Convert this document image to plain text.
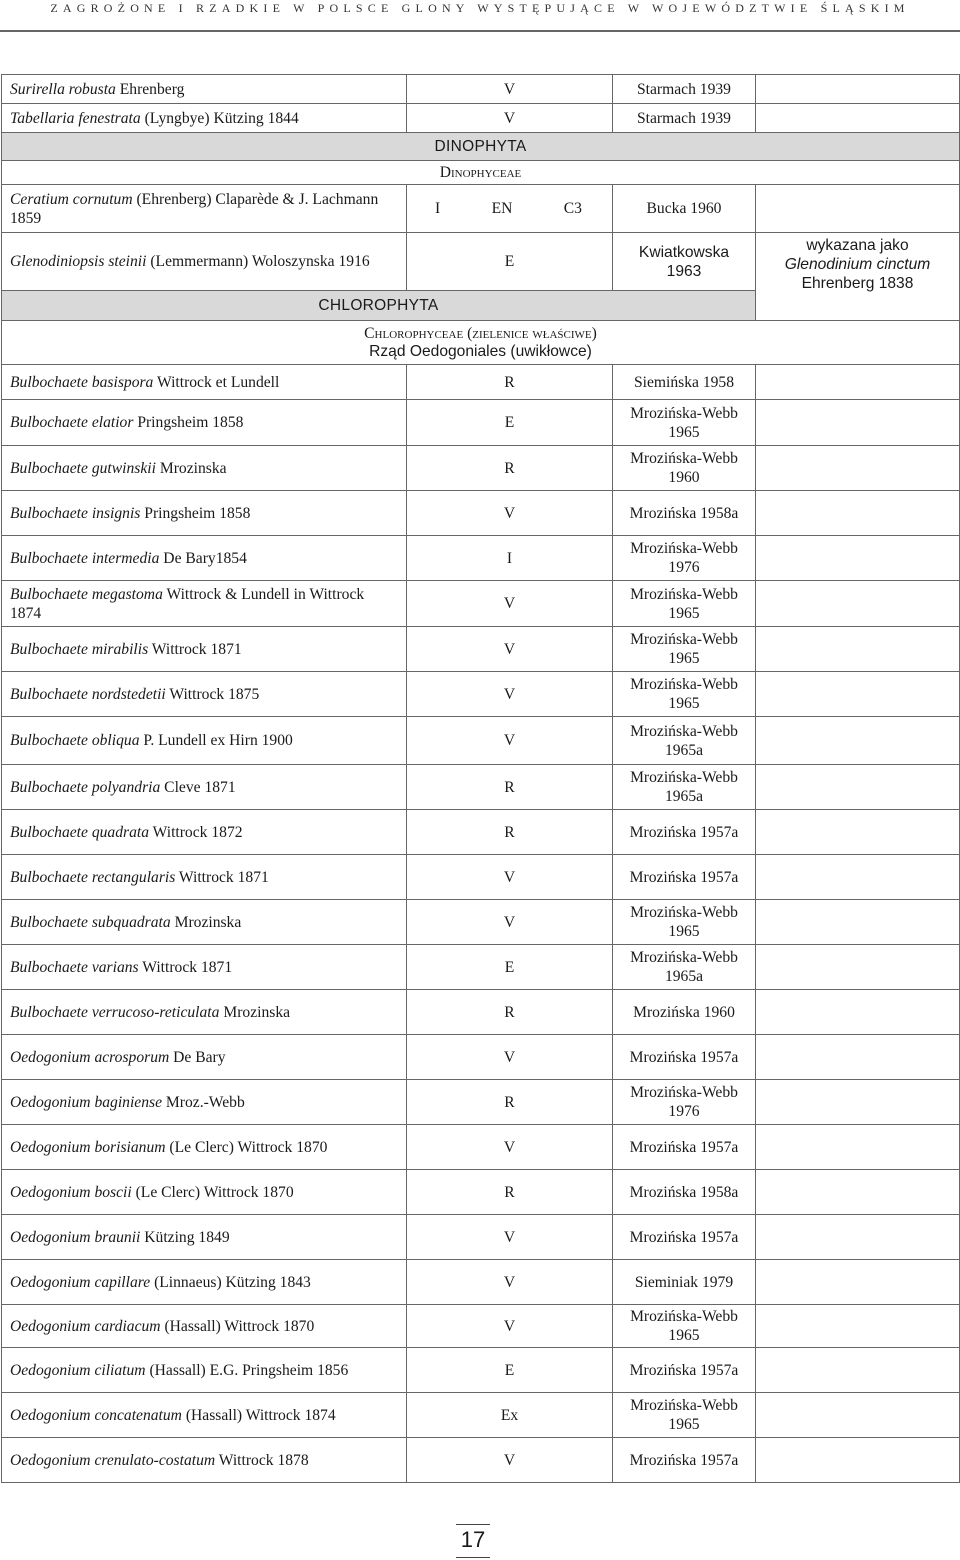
ZAGROŻONE I RZADKIE W POLSCE GLONY WYSTĘPUJĄCE W WOJEWÓDZTWIE ŚLĄSKIM
Surirella robusta Ehrenberg	V	Starmach 1939	
Tabellaria fenestrata (Lyngbye) Kützing 1844	V	Starmach 1939	
DINOPHYTA			
Dinophyceae			
Ceratium cornutum (Ehrenberg) Claparède & J. Lachmann 1859	I EN C3	Bucka 1960	
Glenodiniopsis steinii (Lemmermann) Woloszynska 1916	E	Kwiatkowska 1963	wykazana jako Glenodinium cinctum Ehrenberg 1838
CHLOROPHYTA			

Chlorophyceae (zielenice właściwe)
Rząd Oedogoniales (uwikłowce)			

Bulbochaete basispora Wittrock et Lundell	R	Siemińska 1958	
Bulbochaete elatior Pringsheim 1858	E	Mrozińska-Webb 1965	
Bulbochaete gutwinskii Mrozinska	R	Mrozińska-Webb 1960	
Bulbochaete insignis Pringsheim 1858	V	Mrozińska 1958a	
Bulbochaete intermedia De Bary1854	I	Mrozińska-Webb 1976	
Bulbochaete megastoma Wittrock & Lundell in Wittrock 1874	V	Mrozińska-Webb 1965	
Bulbochaete mirabilis Wittrock 1871	V	Mrozińska-Webb 1965	
Bulbochaete nordstedetii Wittrock 1875	V	Mrozińska-Webb 1965	
Bulbochaete obliqua P. Lundell ex Hirn 1900	V	Mrozińska-Webb 1965a	
Bulbochaete polyandria Cleve 1871	R	Mrozińska-Webb 1965a	
Bulbochaete quadrata Wittrock 1872	R	Mrozińska 1957a	
Bulbochaete rectangularis Wittrock 1871	V	Mrozińska 1957a	
Bulbochaete subquadrata Mrozinska	V	Mrozińska-Webb 1965	
Bulbochaete varians Wittrock 1871	E	Mrozińska-Webb 1965a	
Bulbochaete verrucoso-reticulata Mrozinska	R	Mrozińska 1960	
Oedogonium acrosporum De Bary	V	Mrozińska 1957a	
Oedogonium baginiense Mroz.-Webb	R	Mrozińska-Webb 1976	
Oedogonium borisianum (Le Clerc) Wittrock 1870	V	Mrozińska 1957a	
Oedogonium boscii (Le Clerc) Wittrock 1870	R	Mrozińska 1958a	
Oedogonium braunii Kützing 1849	V	Mrozińska 1957a	
Oedogonium capillare (Linnaeus) Kützing 1843	V	Sieminiak 1979	
Oedogonium cardiacum (Hassall) Wittrock 1870	V	Mrozińska-Webb 1965	
Oedogonium ciliatum (Hassall) E.G. Pringsheim 1856	E	Mrozińska 1957a	
Oedogonium concatenatum (Hassall) Wittrock 1874	Ex	Mrozińska-Webb 1965	
Oedogonium crenulato-costatum Wittrock 1878	V	Mrozińska 1957a	
17
